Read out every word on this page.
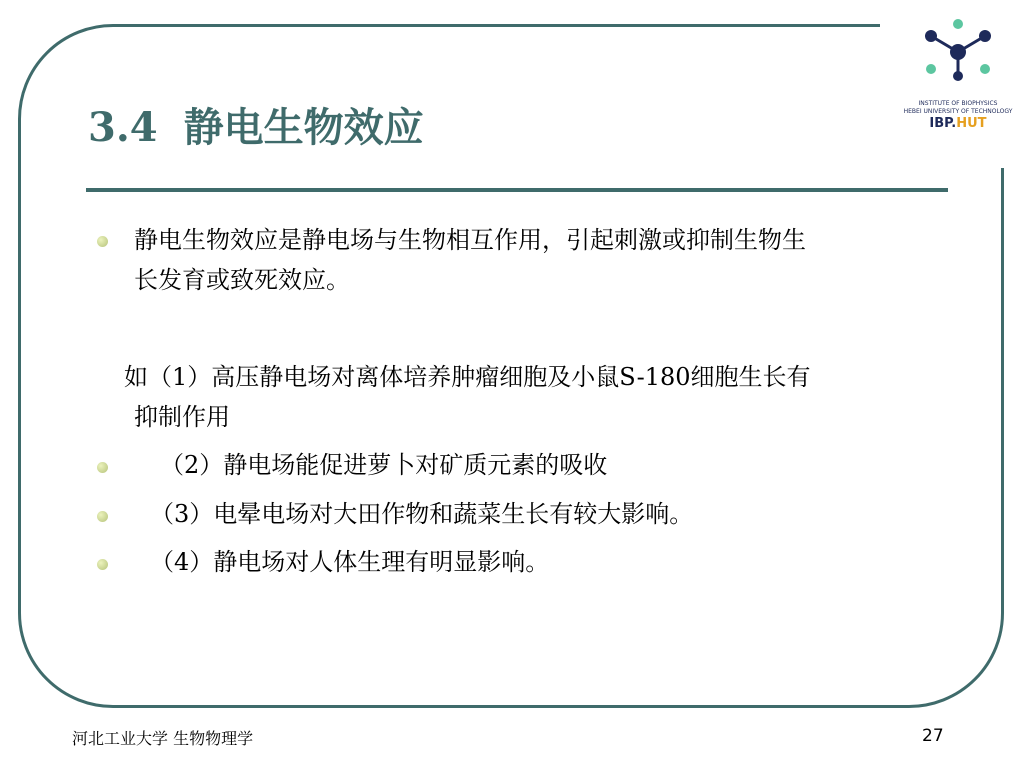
INSTITUTE OF BIOPHYSICS
HEBEI UNIVERSITY OF TECHNOLOGY
IBP.HUT
3.4 静电生物效应
静电生物效应是静电场与生物相互作用，引起刺激或抑制生物生
长发育或致死效应。
如（1）高压静电场对离体培养肿瘤细胞及小鼠S-180细胞生长有
抑制作用
（2）静电场能促进萝卜对矿质元素的吸收
（3）电晕电场对大田作物和蔬菜生长有较大影响。
（4）静电场对人体生理有明显影响。
河北工业大学 生物物理学	27
